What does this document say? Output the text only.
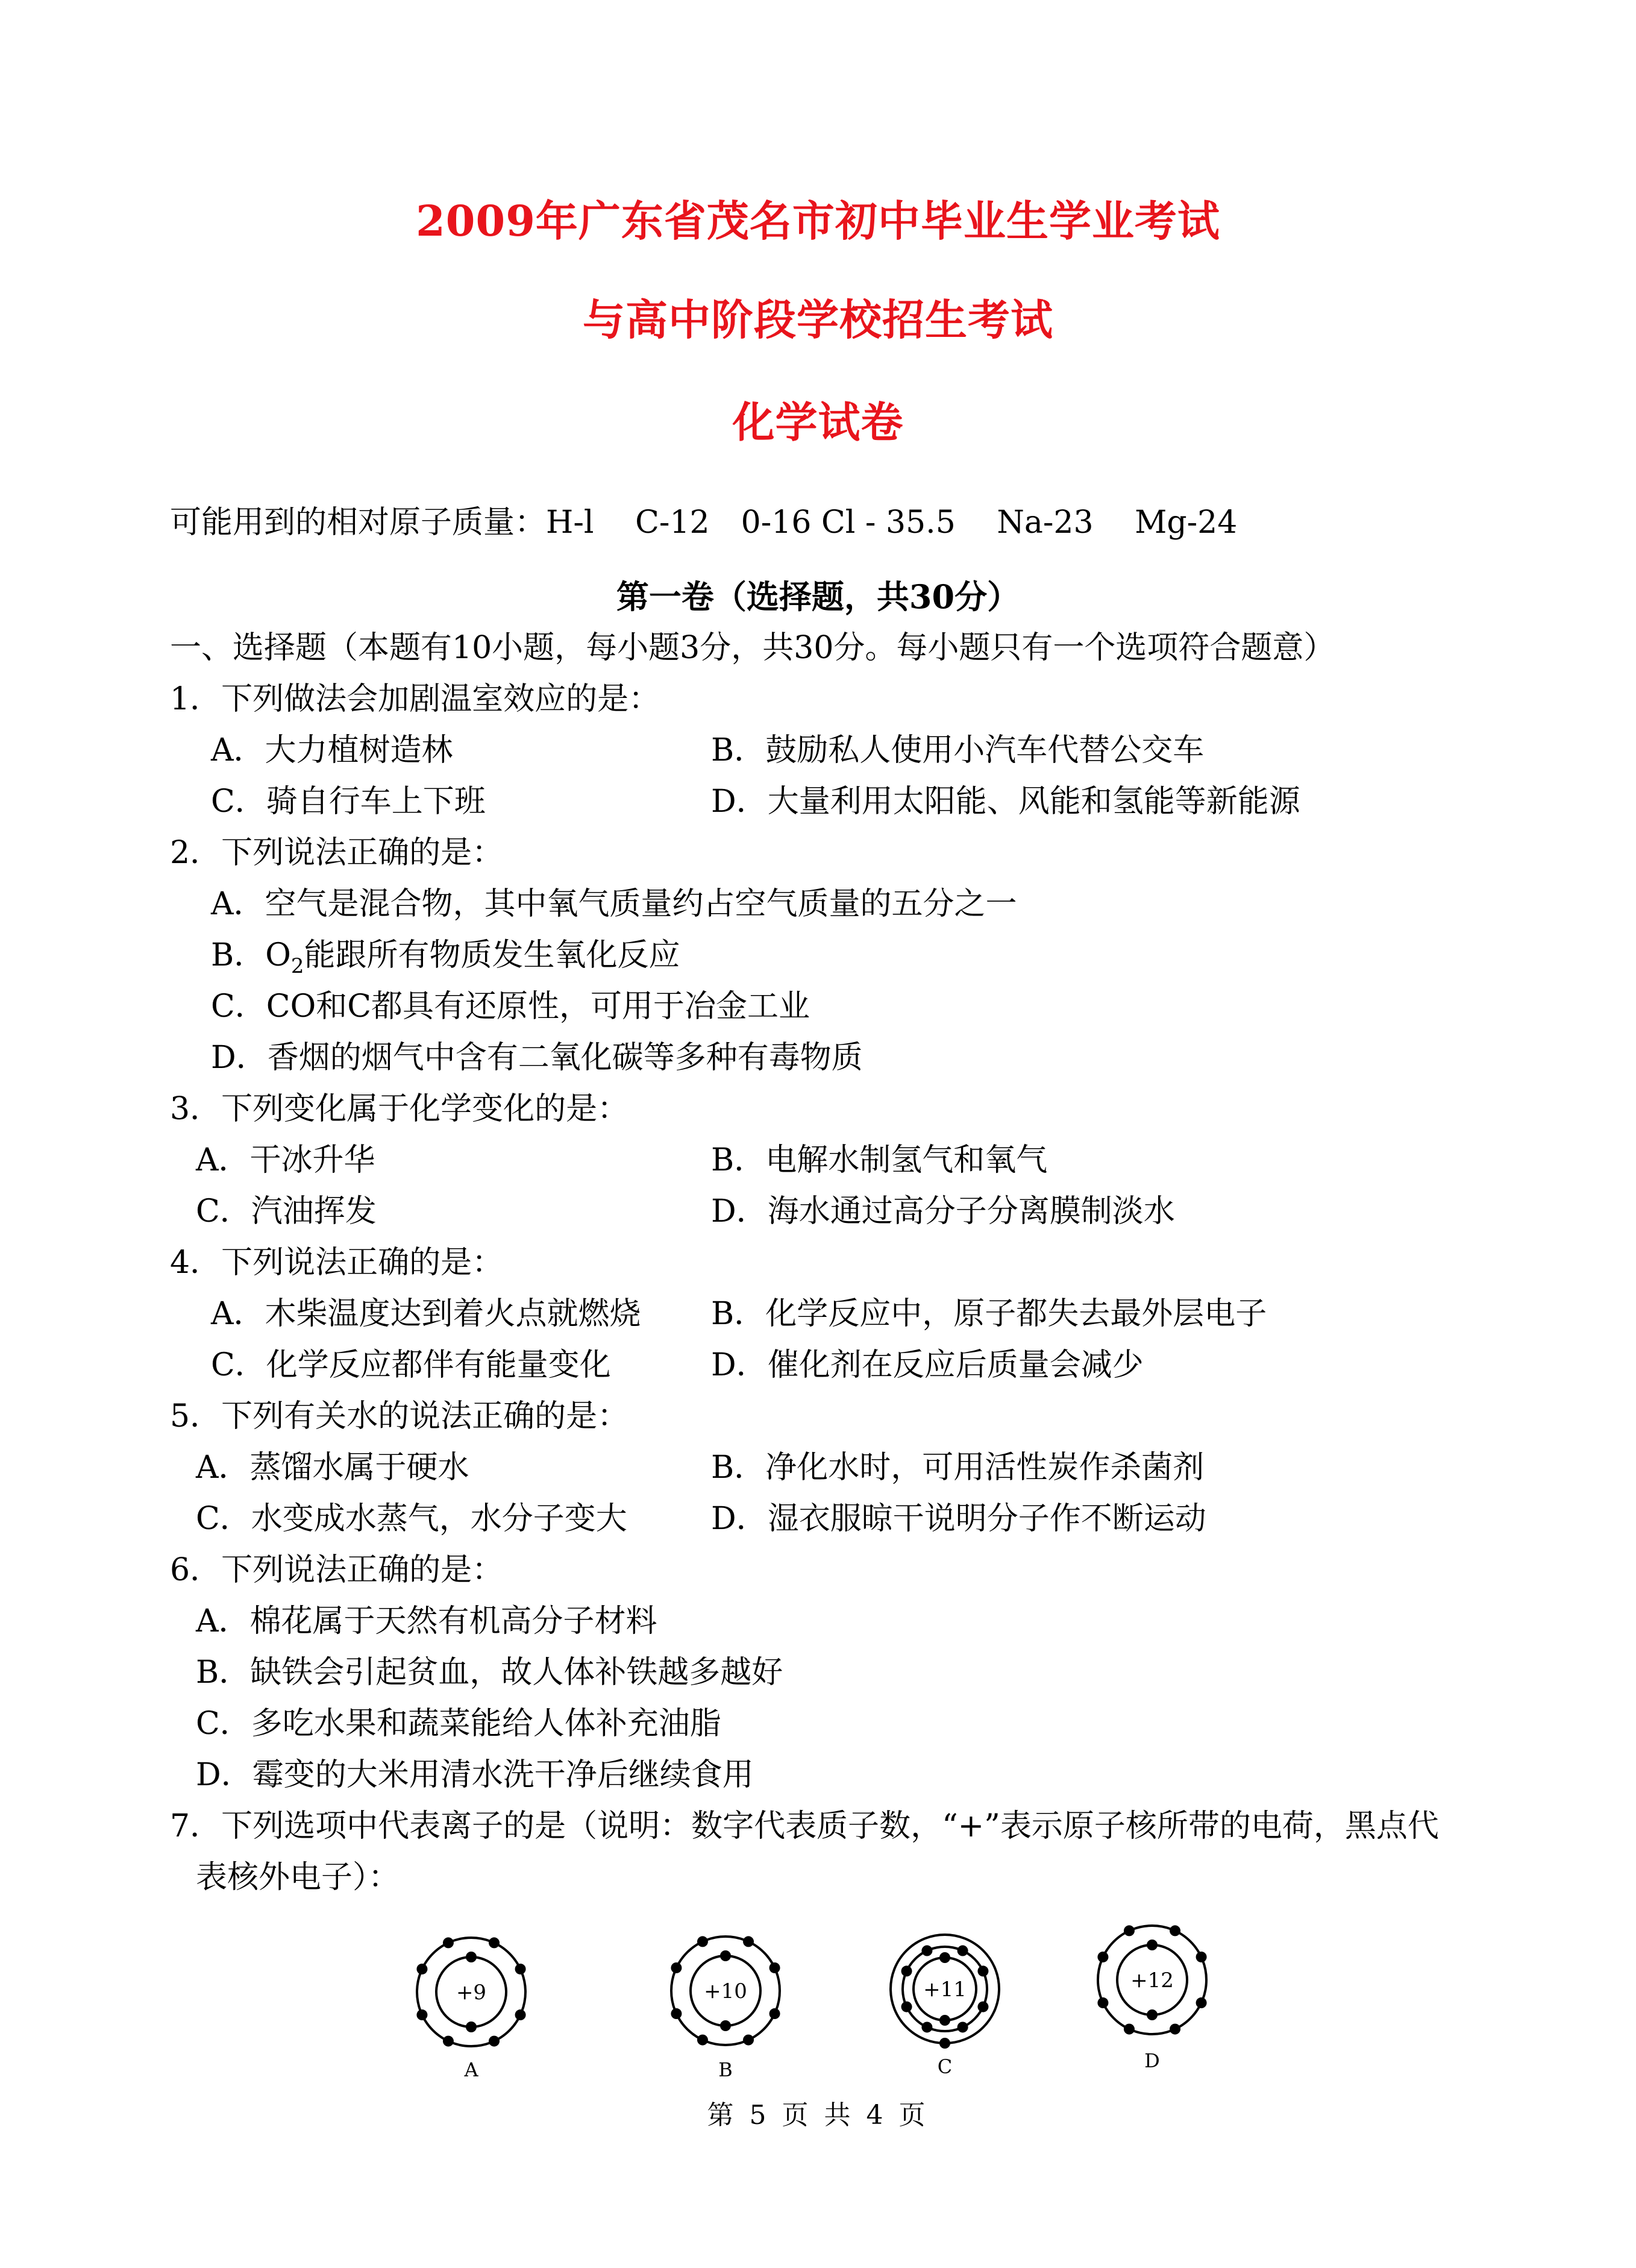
2009年广东省茂名市初中毕业生学业考试
与高中阶段学校招生考试
化学试卷
可能用到的相对原子质量：H-l　 C-12　0-16 Cl - 35.5　 Na-23　 Mg-24
第一卷（选择题，共30分）
一、选择题（本题有10小题，每小题3分，共30分。每小题只有一个选项符合题意）
1．下列做法会加剧温室效应的是：
A．大力植树造林	B．鼓励私人使用小汽车代替公交车
C．骑自行车上下班	D．大量利用太阳能、风能和氢能等新能源
2．下列说法正确的是：
A．空气是混合物，其中氧气质量约占空气质量的五分之一
B．$O_2$能跟所有物质发生氧化反应
C．CO和C都具有还原性，可用于冶金工业
D．香烟的烟气中含有二氧化碳等多种有毒物质
3．下列变化属于化学变化的是：
A．干冰升华	B．电解水制氢气和氧气
C．汽油挥发	D．海水通过高分子分离膜制淡水
4．下列说法正确的是：
A．木柴温度达到着火点就燃烧 B．化学反应中，原子都失去最外层电子
C．化学反应都伴有能量变化	D．催化剂在反应后质量会减少
5．下列有关水的说法正确的是：
A．蒸馏水属于硬水	B．净化水时，可用活性炭作杀菌剂
C．水变成水蒸气，水分子变大	D．湿衣服晾干说明分子作不断运动
6．下列说法正确的是：
A．棉花属于天然有机高分子材料
B．缺铁会引起贫血，故人体补铁越多越好
C．多吃水果和蔬菜能给人体补充油脂
D．霉变的大米用清水洗干净后继续食用
7．下列选项中代表离子的是（说明：数字代表质子数，“+”表示原子核所带的电荷，黑点代
表核外电子）：
+9
A
+10
B
+11
C
+12
D
第 5 页 共 4 页
